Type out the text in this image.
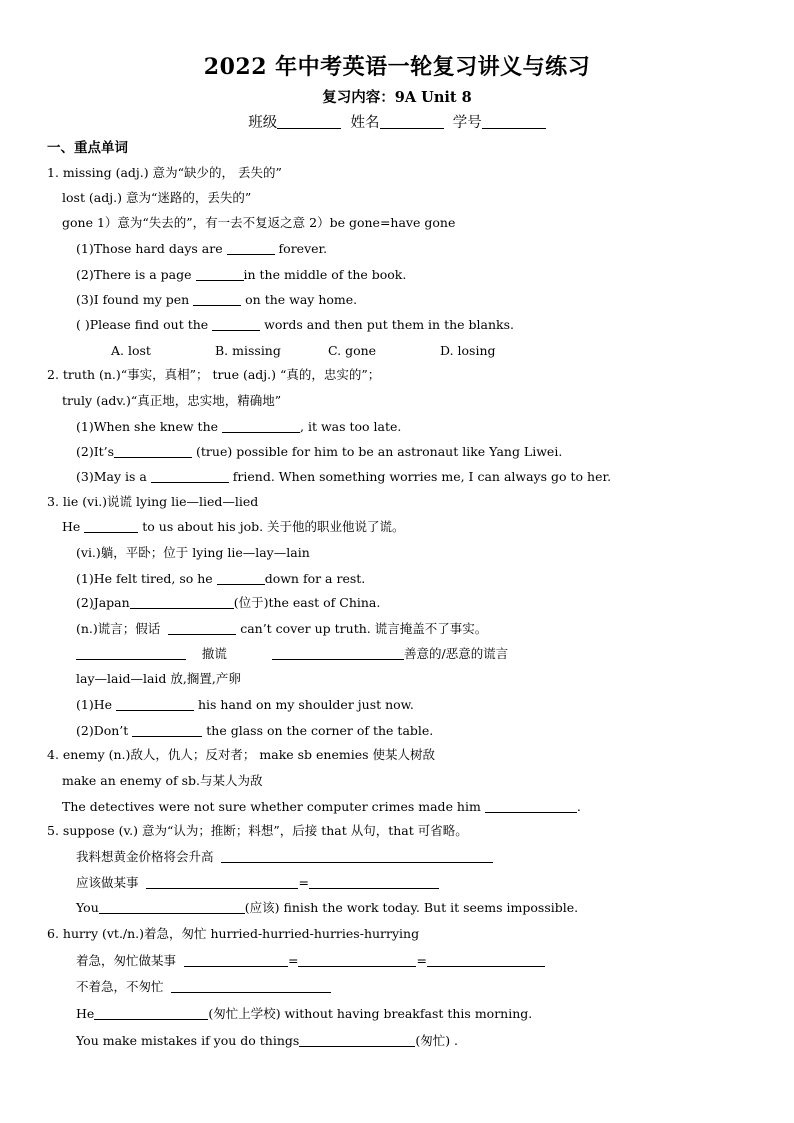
2022 年中考英语一轮复习讲义与练习
复习内容：9A Unit 8
班级	姓名	学号
一、重点单词
1. missing (adj.) 意为“缺少的， 丢失的”
lost (adj.) 意为“迷路的，丢失的”
gone 1）意为“失去的”，有一去不复返之意 2）be gone=have gone
(1)Those hard days are	forever.
(2)There is a page	in the middle of the book.
(3)I found my pen	on the way home.
( )Please find out the	words and then put them in the blanks.
A. lost	B. missing	C. gone	D. losing
2. truth (n.)“事实，真相”； true (adj.) “真的，忠实的”；
truly (adv.)“真正地，忠实地，精确地”
(1)When she knew the	, it was too late.
(2)It’s	(true) possible for him to be an astronaut like Yang Liwei.
(3)May is a	friend. When something worries me, I can always go to her.
3. lie (vi.)说谎 lying lie—lied—lied
He	to us about his job. 关于他的职业他说了谎。
(vi.)躺，平卧；位于 lying lie—lay—lain
(1)He felt tired, so he	down for a rest.
(2)Japan	(位于)the east of China.
(n.)谎言；假话	can’t cover up truth. 谎言掩盖不了事实。
撤谎	善意的/恶意的谎言
lay—laid—laid 放,搁置,产卵
(1)He	his hand on my shoulder just now.
(2)Don’t	the glass on the corner of the table.
4. enemy (n.)敌人，仇人；反对者； make sb enemies 使某人树敌
make an enemy of sb.与某人为敌
The detectives were not sure whether computer crimes made him	.
5. suppose (v.) 意为“认为；推断；料想”，后接 that 从句，that 可省略。
我料想黄金价格将会升高
应该做某事	=
You	(应该) finish the work today. But it seems impossible.
6. hurry (vt./n.)着急，匆忙 hurried-hurried-hurries-hurrying
着急，匆忙做某事	=	=
不着急，不匆忙
He	(匆忙上学校) without having breakfast this morning.
You make mistakes if you do things	(匆忙) .
